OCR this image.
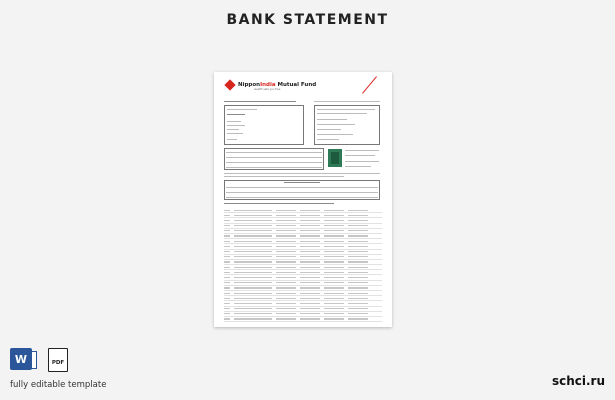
BANK STATEMENT
NipponIndia Mutual Fund
wealth sets you free
W	PDF
fully editable template	schci.ru
